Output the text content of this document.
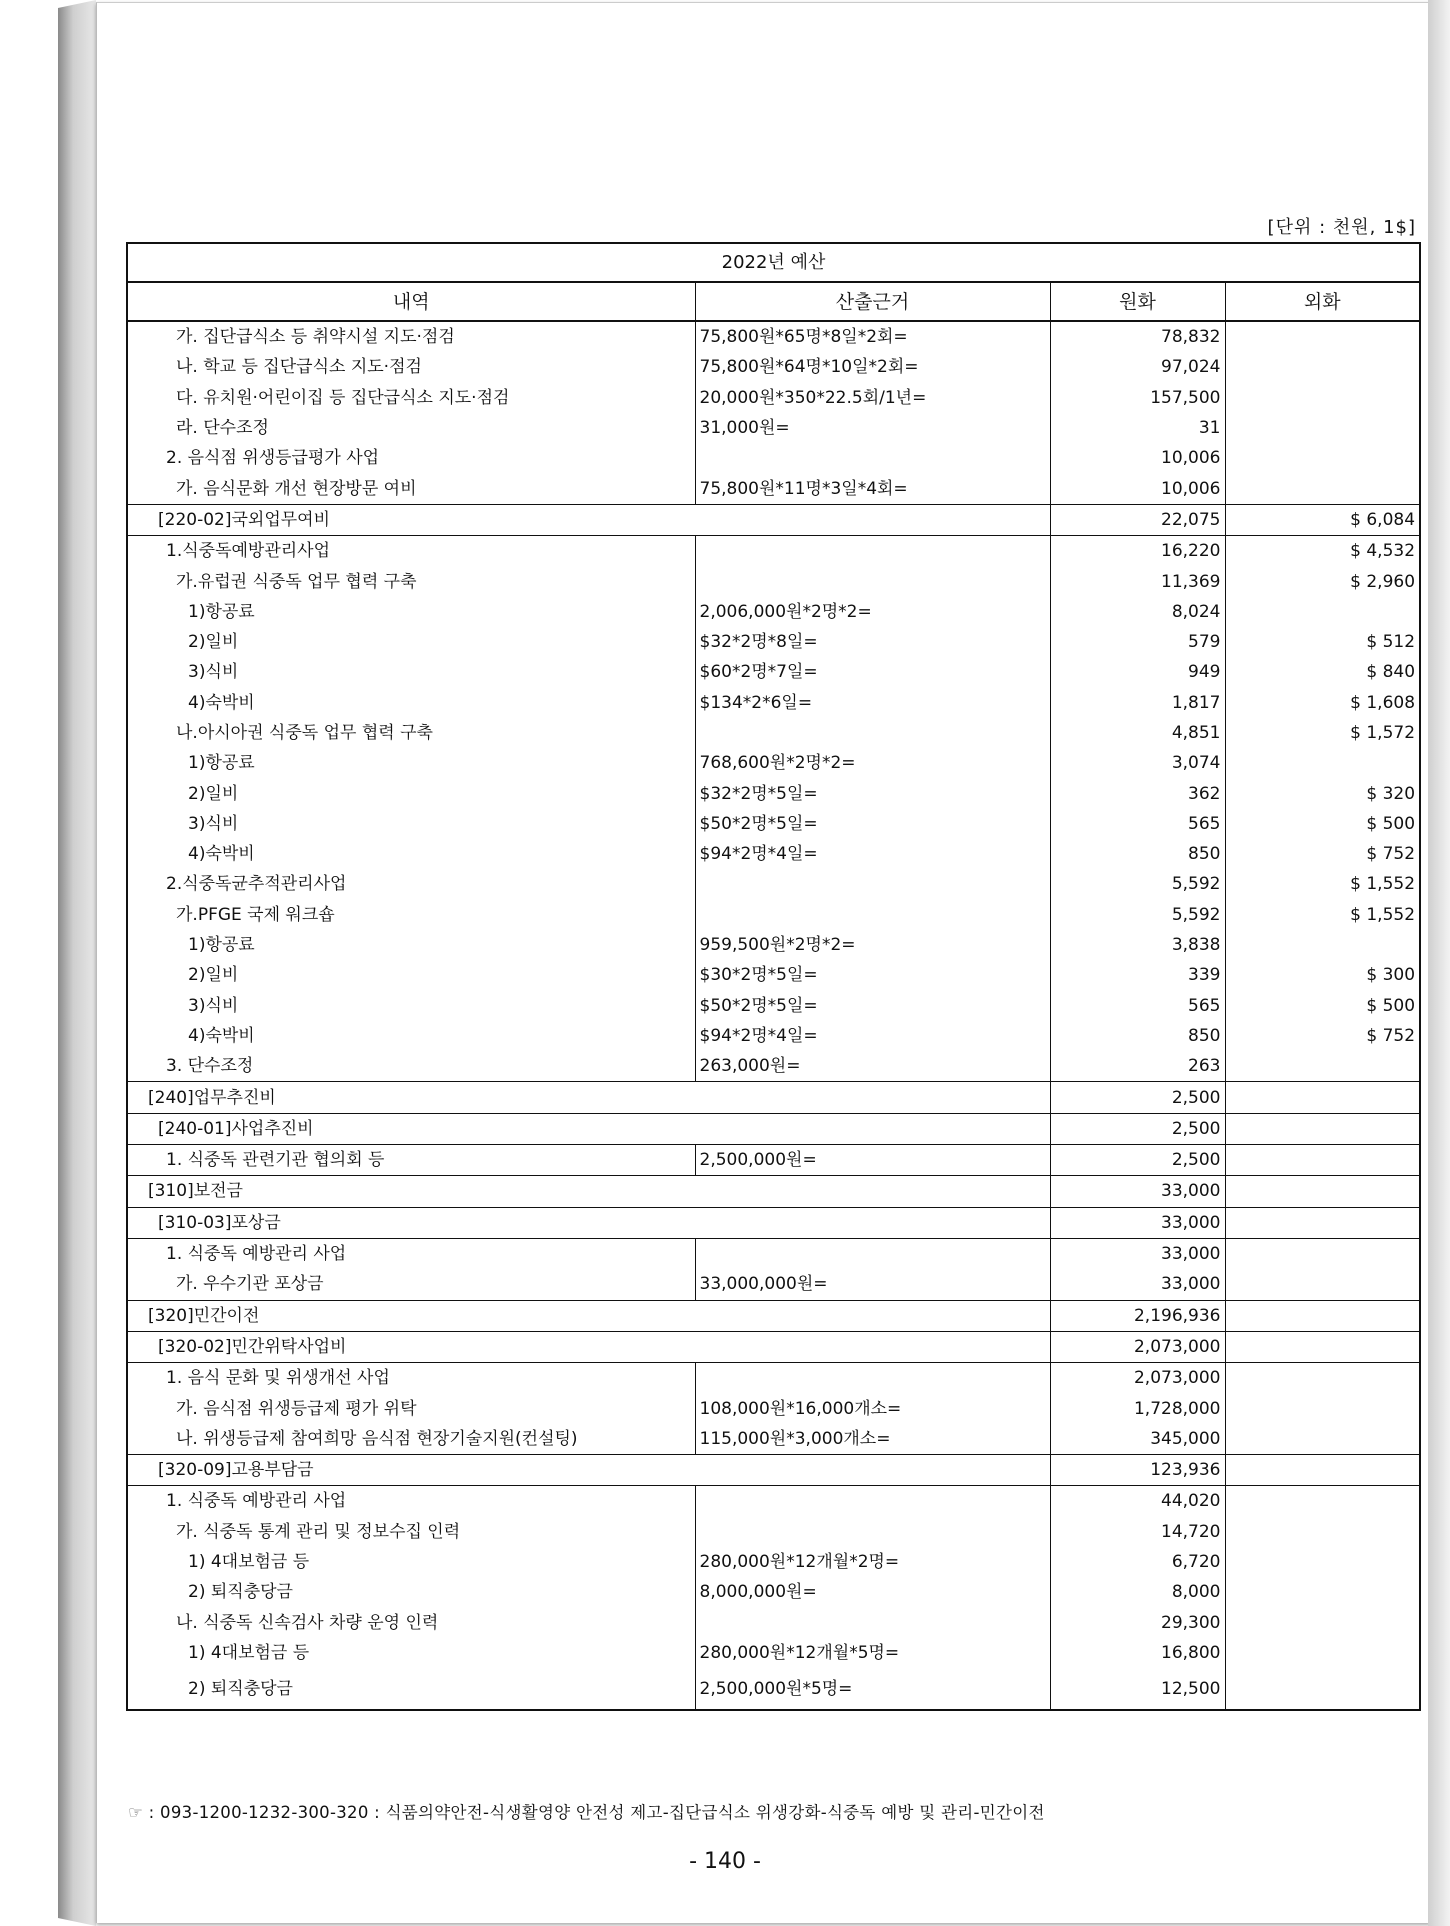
[단위 : 천원, 1$]
2022년 예산			
내역	산출근거	원화	외화
가. 집단급식소 등 취약시설 지도·점검	75,800원*65명*8일*2회=	78,832	
나. 학교 등 집단급식소 지도·점검	75,800원*64명*10일*2회=	97,024	
다. 유치원·어린이집 등 집단급식소 지도·점검	20,000원*350*22.5회/1년=	157,500	
라. 단수조정	31,000원=	31	
2. 음식점 위생등급평가 사업		10,006	
가. 음식문화 개선 현장방문 여비	75,800원*11명*3일*4회=	10,006	
[220-02]국외업무여비		22,075	$ 6,084
1.식중독예방관리사업		16,220	$ 4,532
가.유럽권 식중독 업무 협력 구축		11,369	$ 2,960
1)항공료	2,006,000원*2명*2=	8,024	
2)일비	$32*2명*8일=	579	$ 512
3)식비	$60*2명*7일=	949	$ 840
4)숙박비	$134*2*6일=	1,817	$ 1,608
나.아시아권 식중독 업무 협력 구축		4,851	$ 1,572
1)항공료	768,600원*2명*2=	3,074	
2)일비	$32*2명*5일=	362	$ 320
3)식비	$50*2명*5일=	565	$ 500
4)숙박비	$94*2명*4일=	850	$ 752
2.식중독균추적관리사업		5,592	$ 1,552
가.PFGE 국제 워크숍		5,592	$ 1,552
1)항공료	959,500원*2명*2=	3,838	
2)일비	$30*2명*5일=	339	$ 300
3)식비	$50*2명*5일=	565	$ 500
4)숙박비	$94*2명*4일=	850	$ 752
3. 단수조정	263,000원=	263	
[240]업무추진비		2,500	
[240-01]사업추진비		2,500	
1. 식중독 관련기관 협의회 등	2,500,000원=	2,500	
[310]보전금		33,000	
[310-03]포상금		33,000	
1. 식중독 예방관리 사업		33,000	
가. 우수기관 포상금	33,000,000원=	33,000	
[320]민간이전		2,196,936	
[320-02]민간위탁사업비		2,073,000	
1. 음식 문화 및 위생개선 사업		2,073,000	
가. 음식점 위생등급제 평가 위탁	108,000원*16,000개소=	1,728,000	
나. 위생등급제 참여희망 음식점 현장기술지원(컨설팅)	115,000원*3,000개소=	345,000	
[320-09]고용부담금		123,936	
1. 식중독 예방관리 사업		44,020	
가. 식중독 통계 관리 및 정보수집 인력		14,720	
1) 4대보험금 등	280,000원*12개월*2명=	6,720	
2) 퇴직충당금	8,000,000원=	8,000	
나. 식중독 신속검사 차량 운영 인력		29,300	
1) 4대보험금 등	280,000원*12개월*5명=	16,800	
2) 퇴직충당금	2,500,000원*5명=	12,500	
☞ : 093-1200-1232-300-320 : 식품의약안전-식생활영양 안전성 제고-집단급식소 위생강화-식중독 예방 및 관리-민간이전
- 140 -
